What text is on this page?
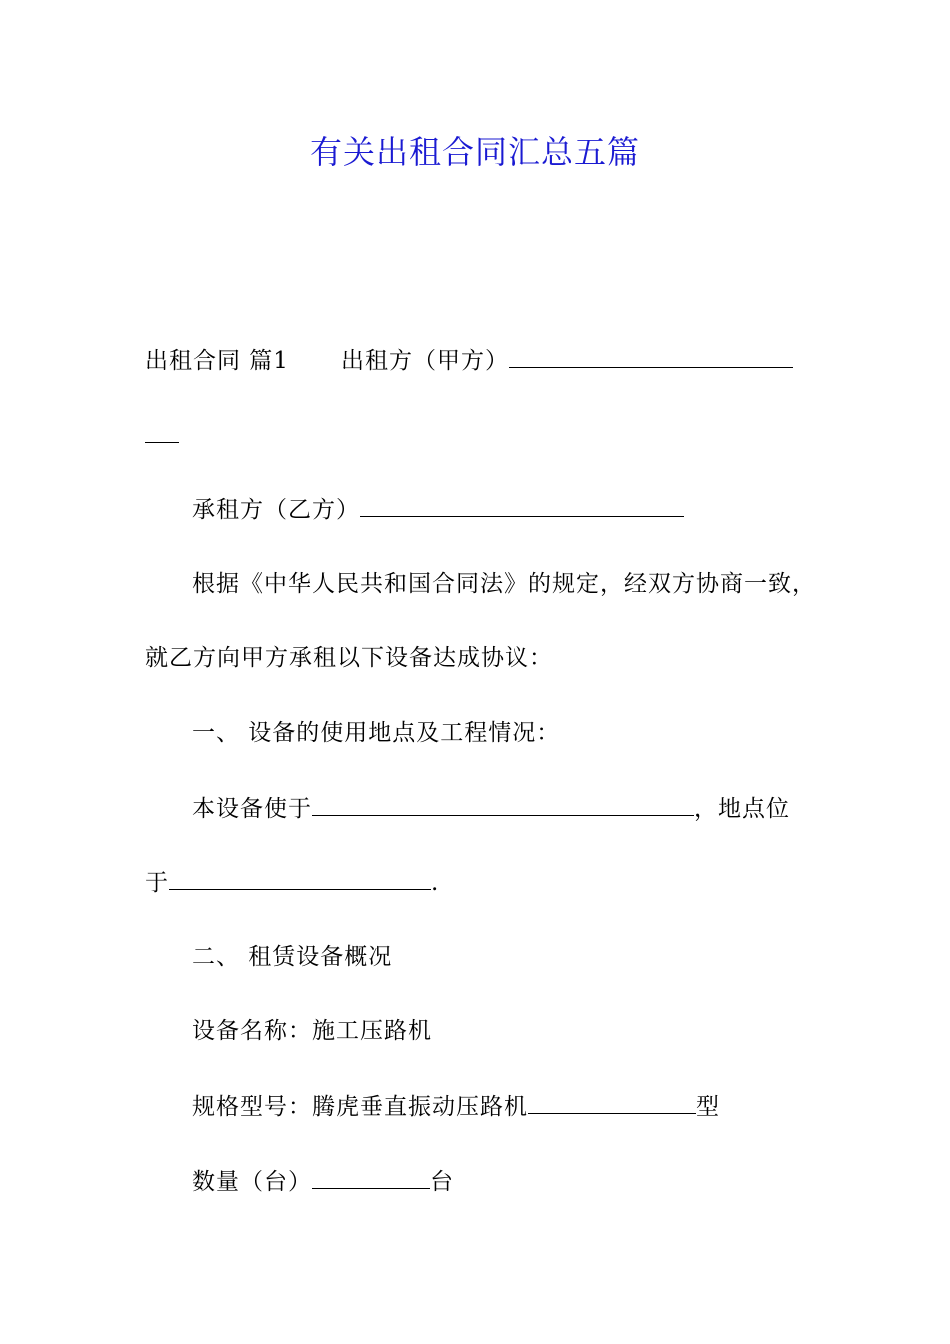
有关出租合同汇总五篇
出租合同 篇1 出租方（甲方）
承租方（乙方）
根据《中华人民共和国合同法》的规定，经双方协商一致，
就乙方向甲方承租以下设备达成协议：
一、 设备的使用地点及工程情况：
本设备使于	，地点位
于	.
二、 租赁设备概况
设备名称：施工压路机
规格型号：腾虎垂直振动压路机	型
数量（台）	台
